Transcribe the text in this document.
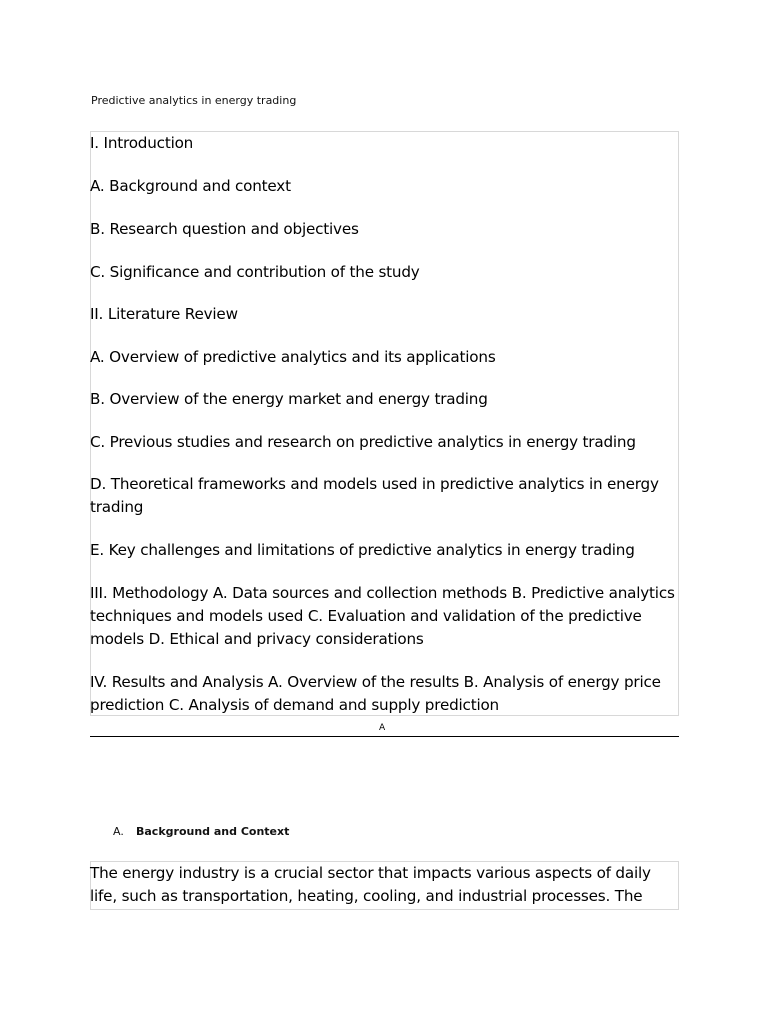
Predictive analytics in energy trading
I. Introduction
A. Background and context
B. Research question and objectives
C. Significance and contribution of the study
II. Literature Review
A. Overview of predictive analytics and its applications
B. Overview of the energy market and energy trading
C. Previous studies and research on predictive analytics in energy trading
D. Theoretical frameworks and models used in predictive analytics in energy trading
E. Key challenges and limitations of predictive analytics in energy trading
III. Methodology A. Data sources and collection methods B. Predictive analytics techniques and models used C. Evaluation and validation of the predictive models D. Ethical and privacy considerations
IV. Results and Analysis A. Overview of the results B. Analysis of energy price prediction C. Analysis of demand and supply prediction
A
A. Background and Context
The energy industry is a crucial sector that impacts various aspects of daily life, such as transportation, heating, cooling, and industrial processes. The
